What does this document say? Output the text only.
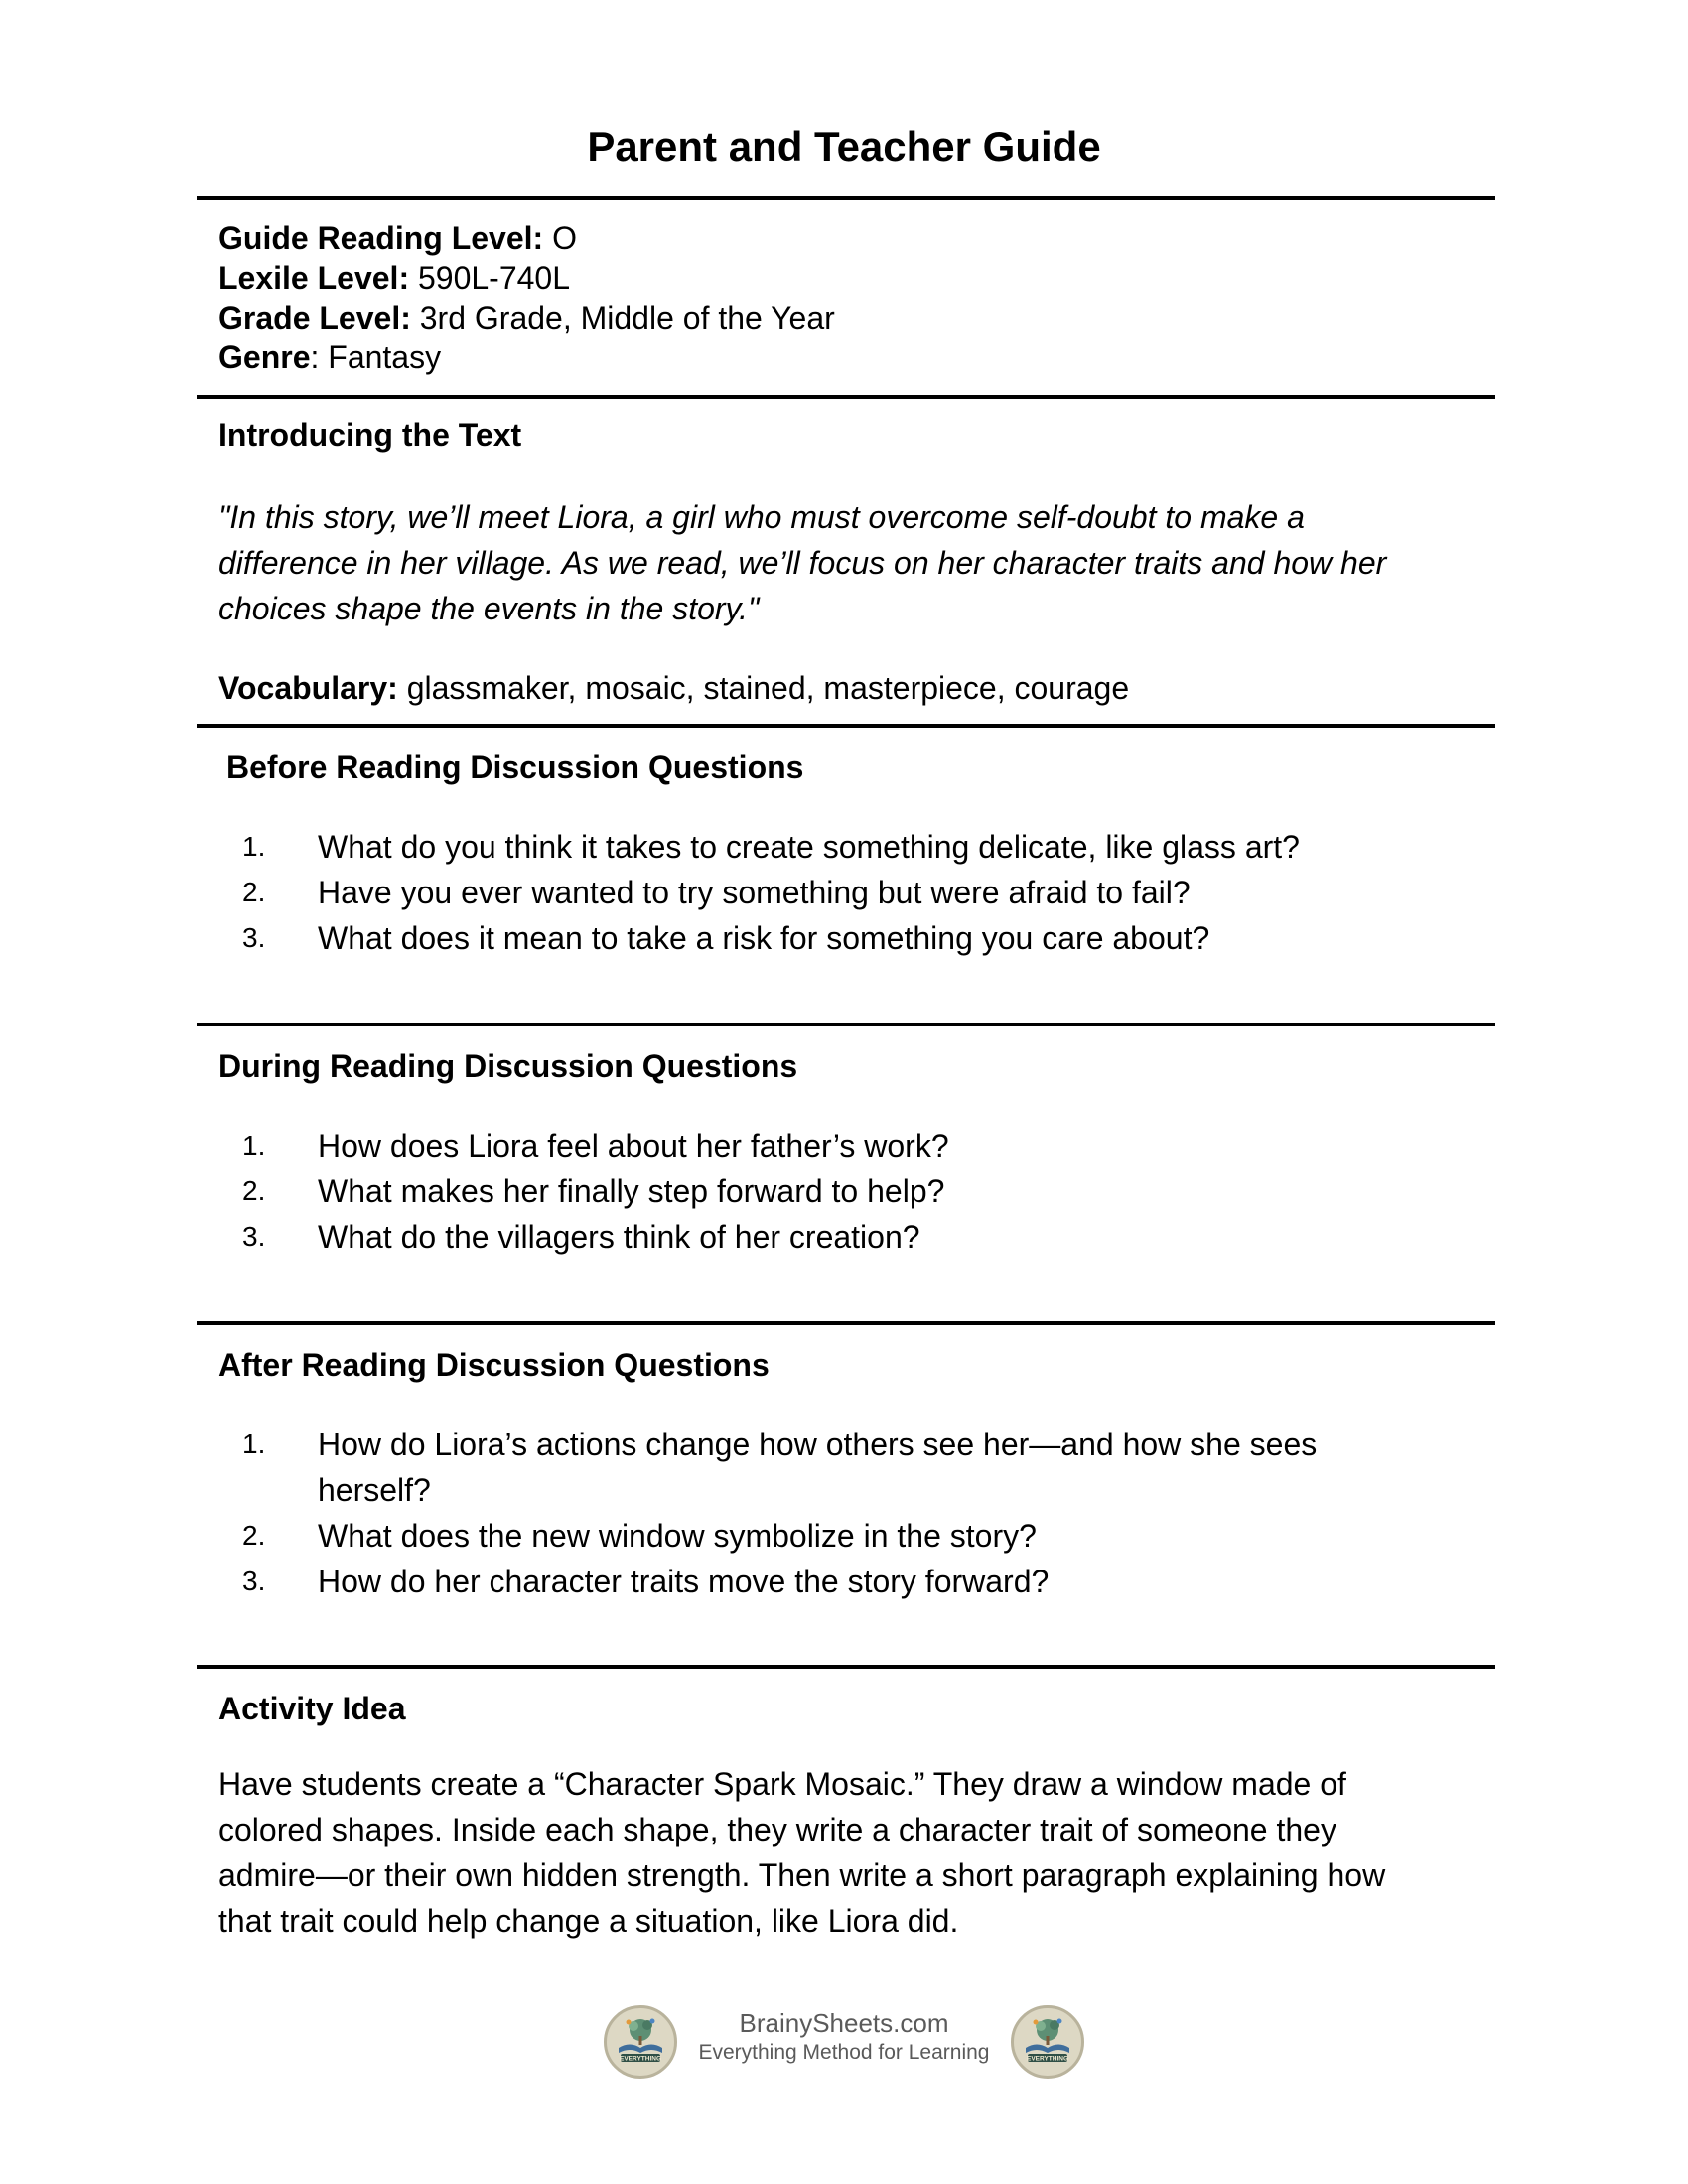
Parent and Teacher Guide
Guide Reading Level: O
Lexile Level: 590L-740L
Grade Level: 3rd Grade, Middle of the Year
Genre: Fantasy
Introducing the Text
"In this story, we’ll meet Liora, a girl who must overcome self-doubt to make a
difference in her village. As we read, we’ll focus on her character traits and how her
choices shape the events in the story."
Vocabulary: glassmaker, mosaic, stained, masterpiece, courage
Before Reading Discussion Questions
1. What do you think it takes to create something delicate, like glass art?
2. Have you ever wanted to try something but were afraid to fail?
3. What does it mean to take a risk for something you care about?
During Reading Discussion Questions
1. How does Liora feel about her father’s work?
2. What makes her finally step forward to help?
3. What do the villagers think of her creation?
After Reading Discussion Questions
1. How do Liora’s actions change how others see her—and how she sees
herself?
2. What does the new window symbolize in the story?
3. How do her character traits move the story forward?
Activity Idea
Have students create a “Character Spark Mosaic.” They draw a window made of
colored shapes. Inside each shape, they write a character trait of someone they
admire—or their own hidden strength. Then write a short paragraph explaining how
that trait could help change a situation, like Liora did.
EVERYTHING
BrainySheets.com
Everything Method for Learning	EVERYTHING
